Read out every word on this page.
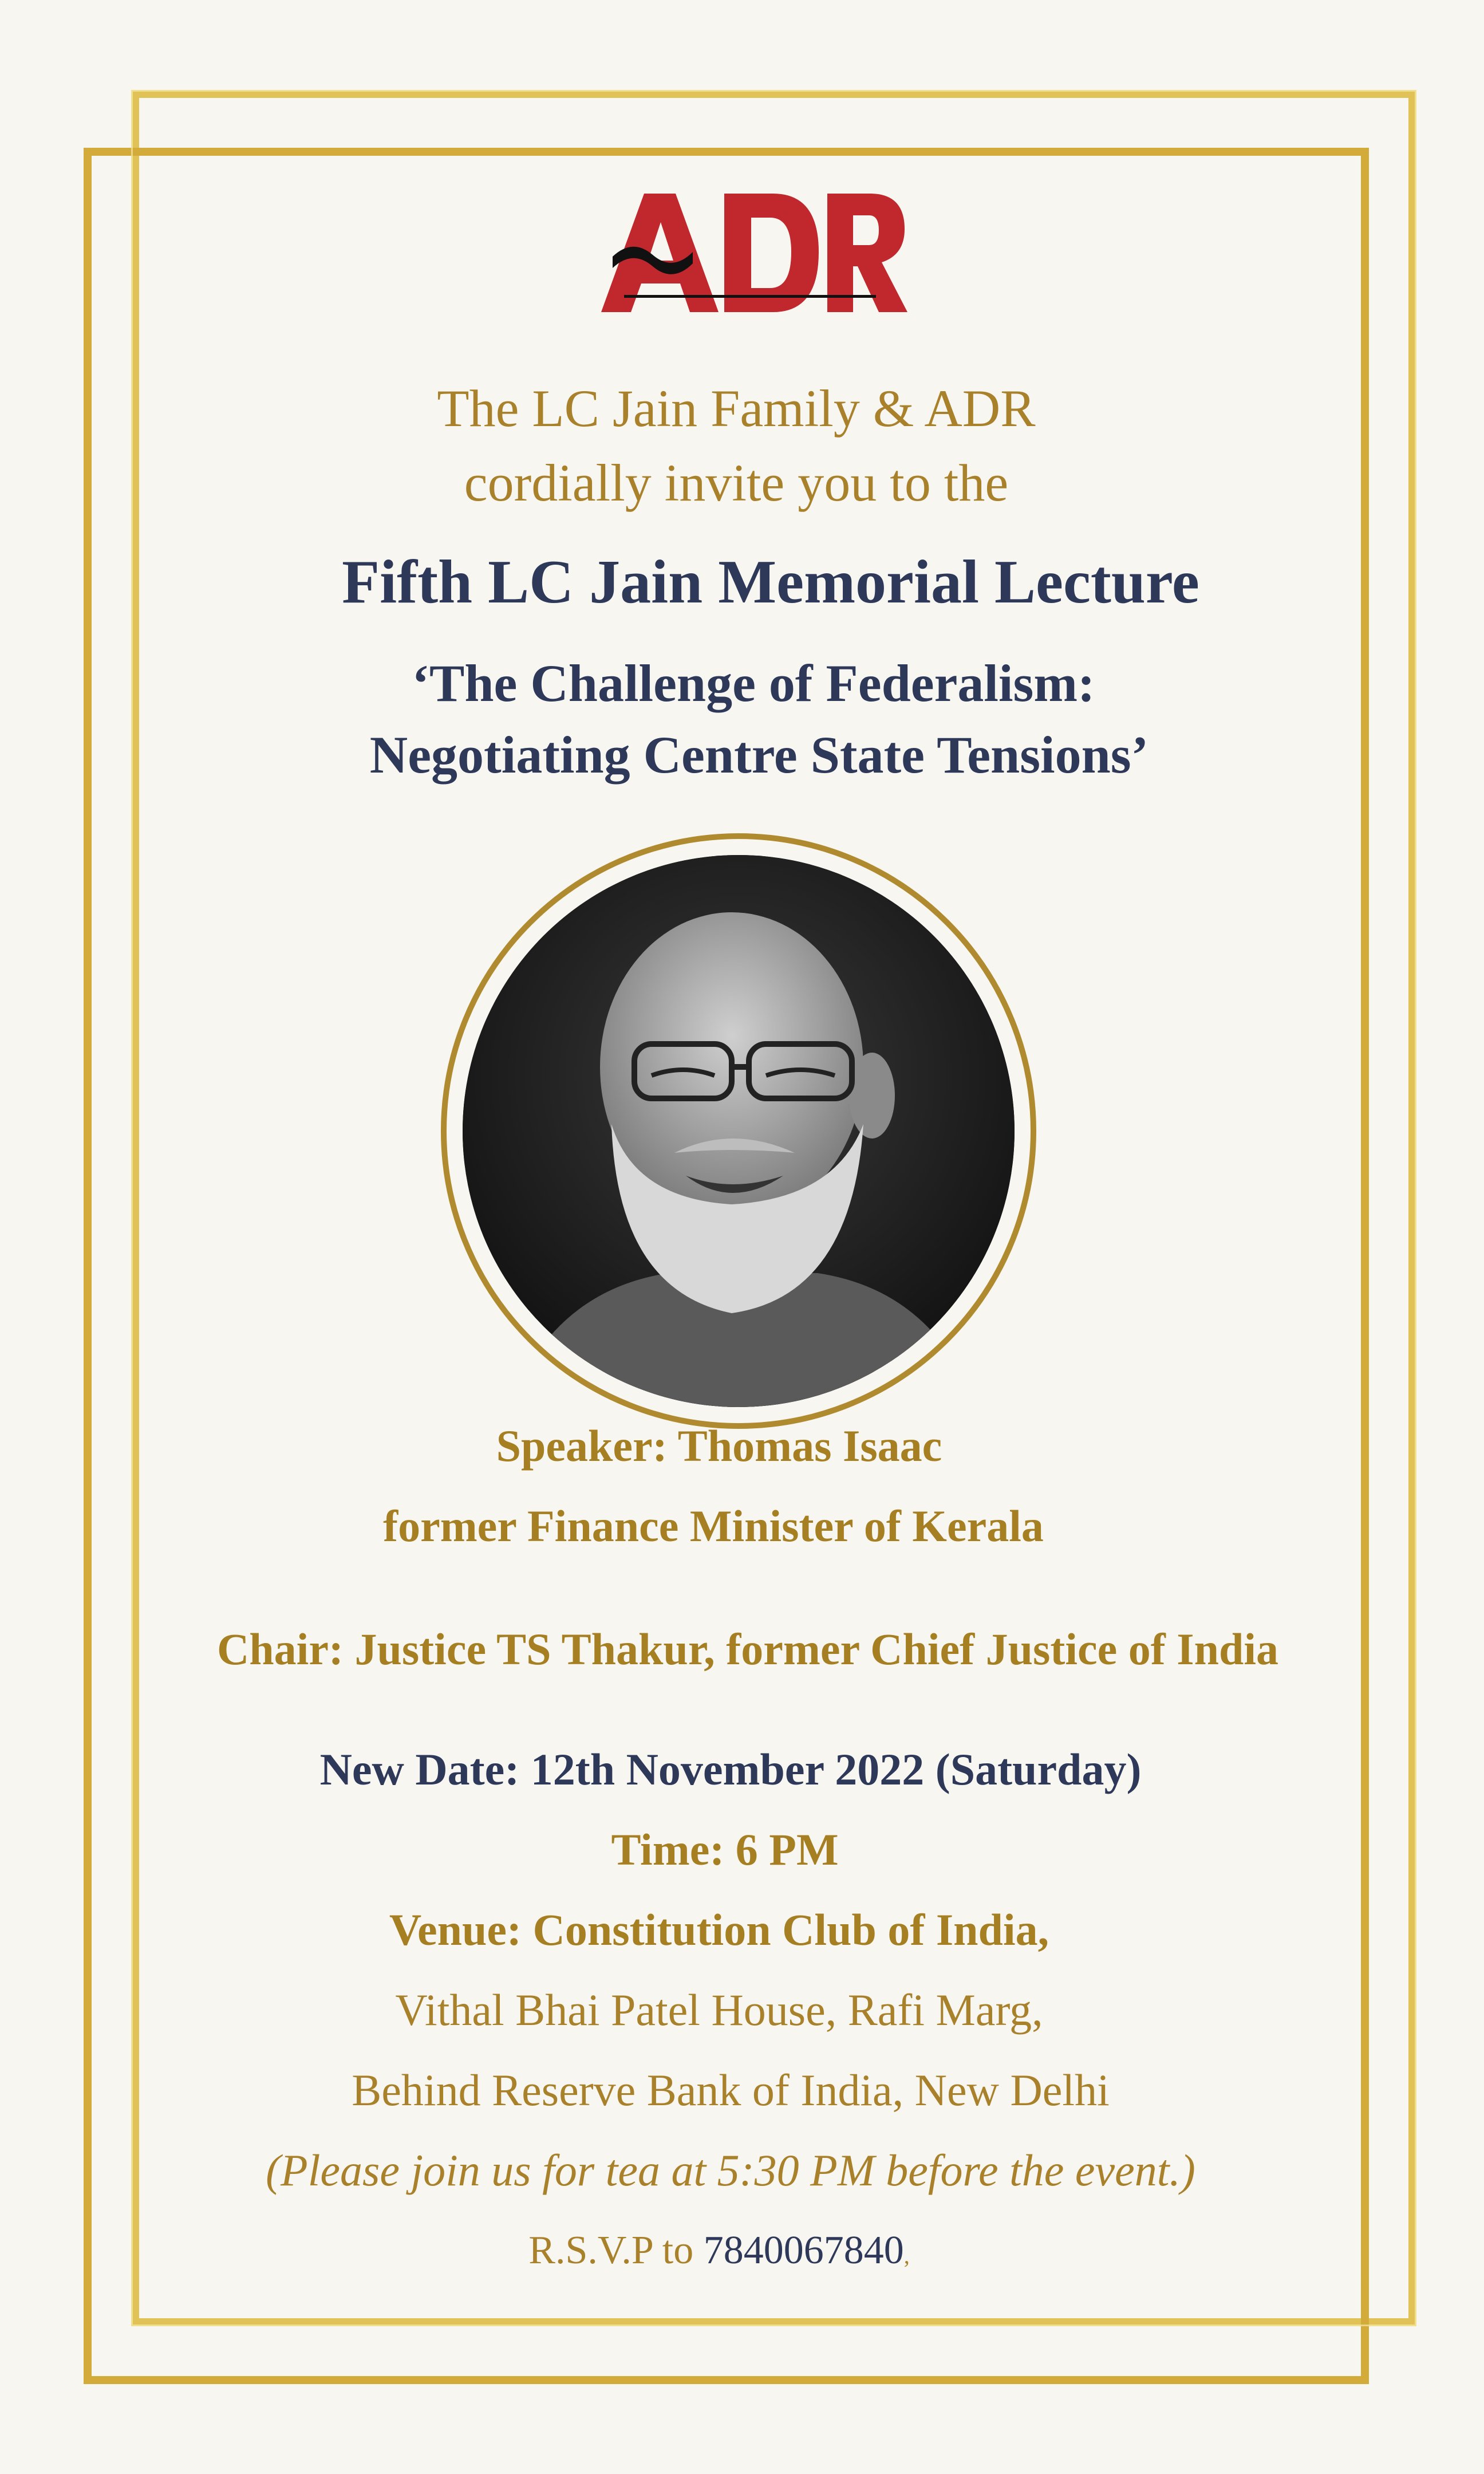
The LC Jain Family & ADR
cordially invite you to the
Fifth LC Jain Memorial Lecture
‘The Challenge of Federalism:
Negotiating Centre State Tensions’
Speaker: Thomas Isaac
former Finance Minister of Kerala
Chair: Justice TS Thakur, former Chief Justice of India
New Date: 12th November 2022 (Saturday)
Time: 6 PM
Venue: Constitution Club of India,
Vithal Bhai Patel House, Rafi Marg,
Behind Reserve Bank of India, New Delhi
(Please join us for tea at 5:30 PM before the event.)
R.S.V.P to 7840067840,
